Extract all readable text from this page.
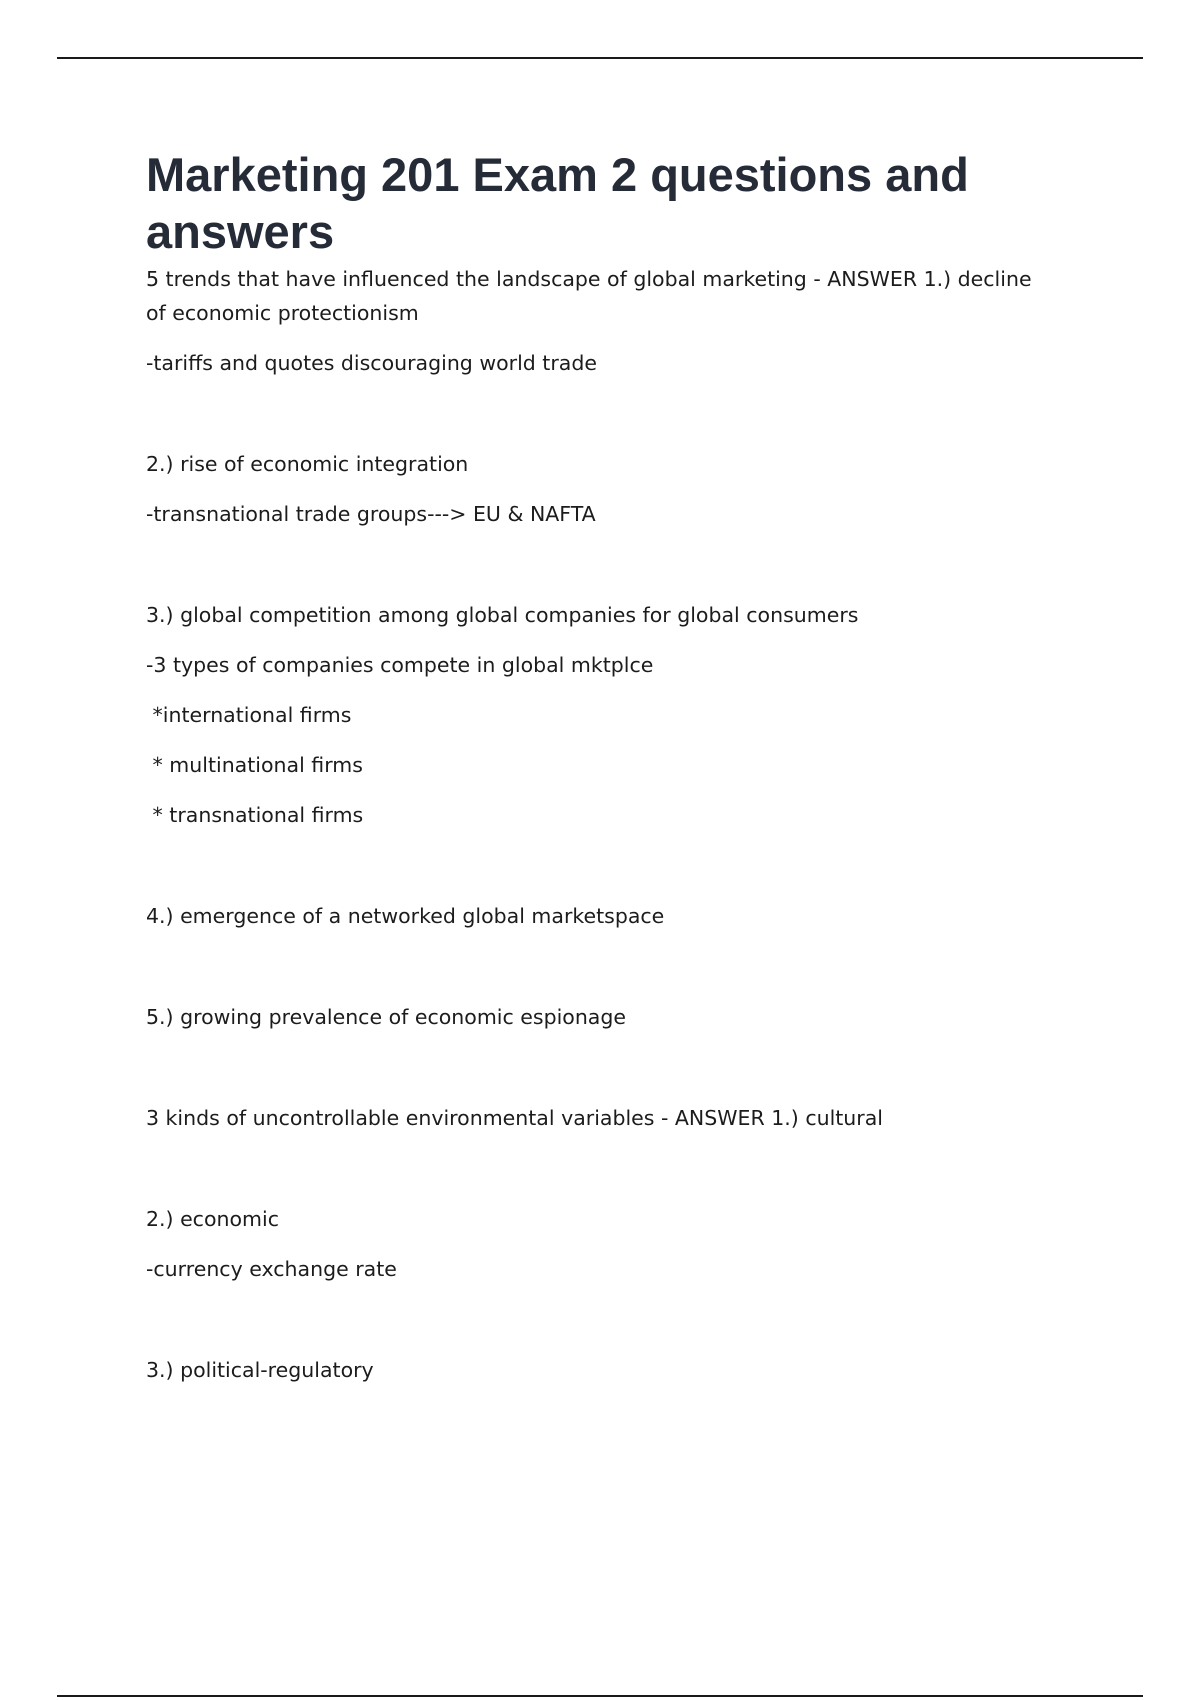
Marketing 201 Exam 2 questions and answers

5 trends that have influenced the landscape of global marketing - ANSWER 1.) decline of economic protectionism

-tariffs and quotes discouraging world trade

2.) rise of economic integration

-transnational trade groups---> EU & NAFTA

3.) global competition among global companies for global consumers

-3 types of companies compete in global mktplce

*international firms

* multinational firms

* transnational firms

4.) emergence of a networked global marketspace

5.) growing prevalence of economic espionage

3 kinds of uncontrollable environmental variables - ANSWER 1.) cultural

2.) economic

-currency exchange rate

3.) political-regulatory
